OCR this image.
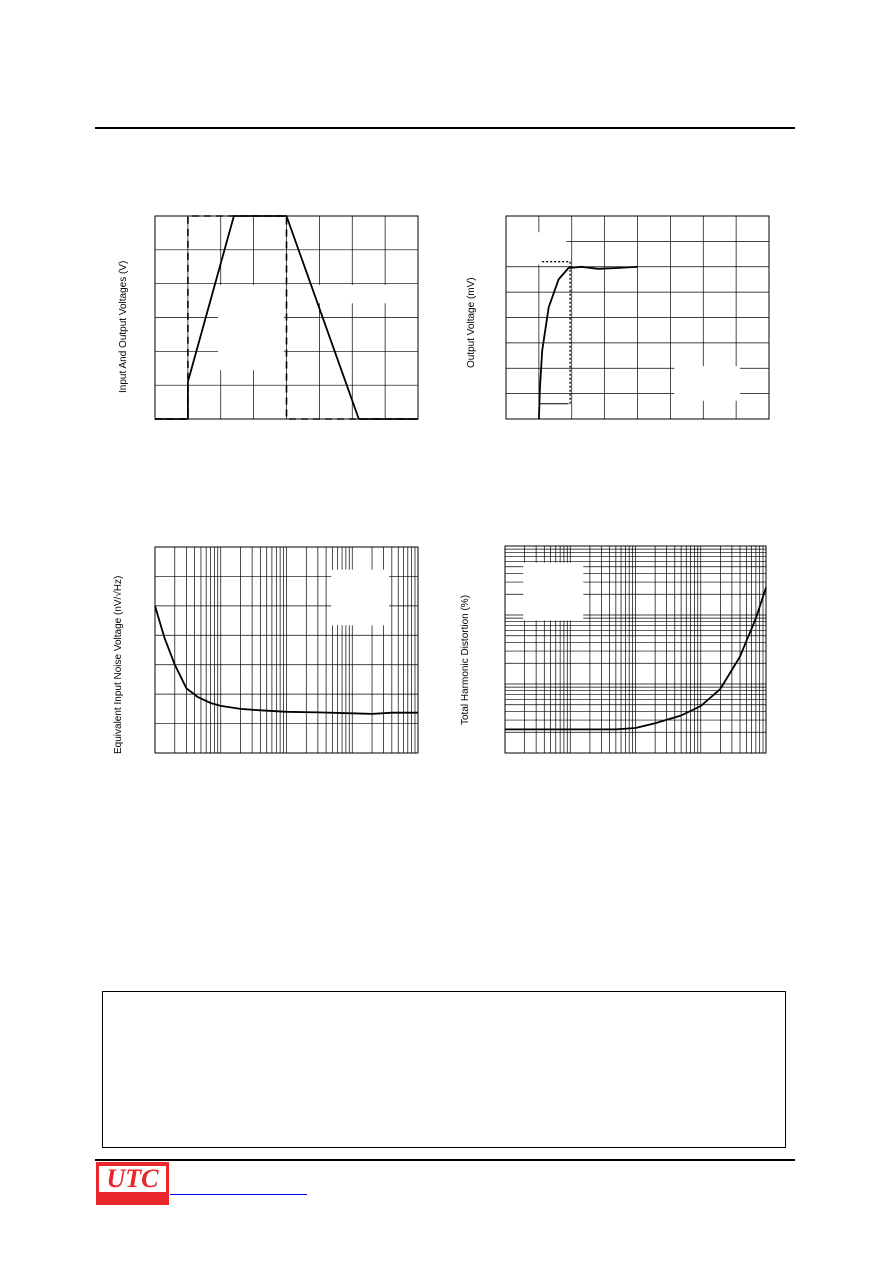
Input And Output Voltages (V)	Output Voltage (mV)
Equivalent Input Noise Voltage (nV/√Hz)	Total Harmonic Distortion (%)
UTC
